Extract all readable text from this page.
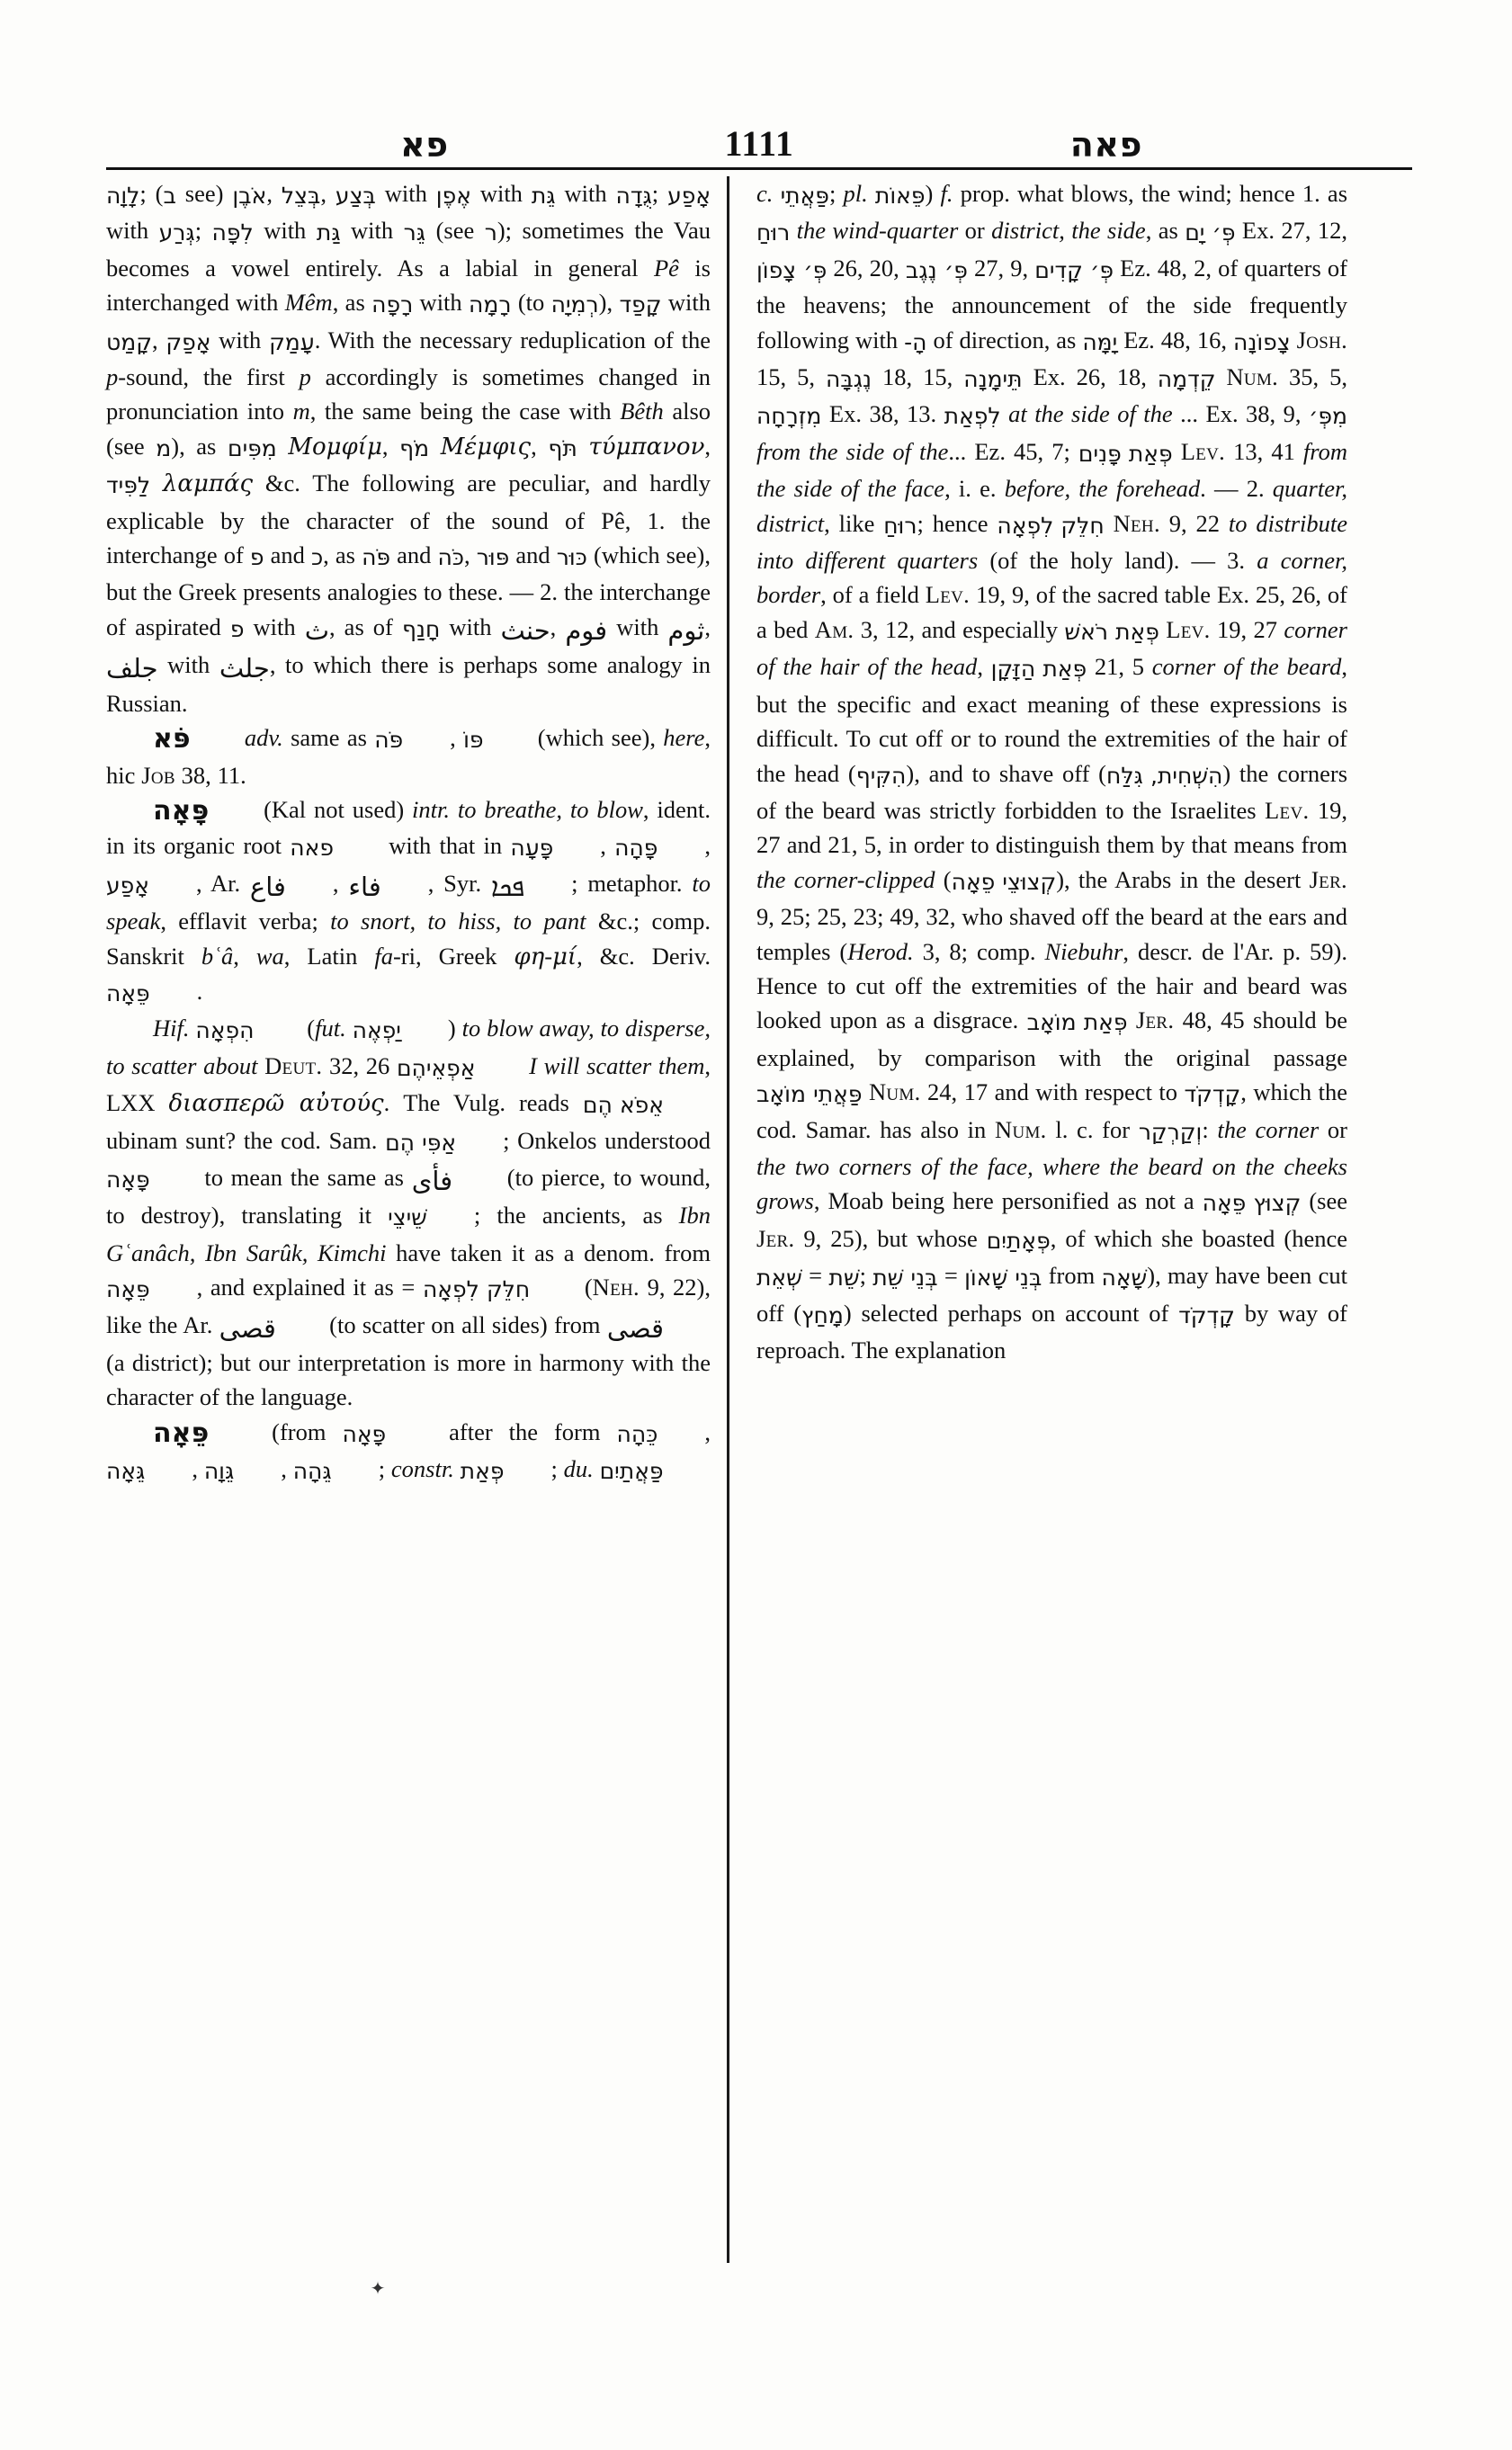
פא	1111	פאה

לָוָה; (ב see) אֹבֶן, בְּצֵל, בְּצַע with אֶפֶן with גֵּת with גֻּדָה; אָפַע with גְּרַע; לִפָּה with גַּת with גֵּר (see ר); sometimes the Vau becomes a vowel entirely. As a labial in general Pê is interchanged with Mêm, as רָפָה with רָמָה (to רְמִיָה), קָפַד with קָמַט, אָפַק with עָמַק. With the necessary reduplication of the p-sound, the first p accordingly is sometimes changed in pronunciation into m, the same being the case with Bêth also (see מ), as מִפִּים Μομφίμ, מֹף Μέμφις, תֹּף τύμπανον, לַפִּיד λαμπάς &c. The following are peculiar, and hardly explicable by the character of the sound of Pê, 1. the interchange of פ and כ, as פֹּה and כֹּה, פּוּר and כּוּר (which see), but the Greek presents analogies to these. — 2. the interchange of aspirated פ with ث, as of חָנַף with حنث, فوم with ثوم, جلف with جلث, to which there is perhaps some analogy in Russian.

פֹּא adv. same as פֹּה , פּוֹ (which see), here, hic Job 38, 11.

פָּאָה (Kal not used) intr. to breathe, to blow, ident. in its organic root פאה with that in פָּעָה , פָּהָה , אָפַע , Ar. فاع , فاء , Syr. ܦܟܐ ; metaphor. to speak, efflavit verba; to snort, to hiss, to pant &c.; comp. Sanskrit bʿâ, wa, Latin fa-ri, Greek φη-μί, &c. Deriv. פֵּאָה .

Hif. הִפְאָה (fut. יַפְאֶה ) to blow away, to disperse, to scatter about Deut. 32, 26 אַפְאֵיהֶם I will scatter them, LXX διασπερῶ αὐτούς. The Vulg. reads אֵפֹא הֶם ubinam sunt? the cod. Sam. אַפִּי הֶם ; Onkelos understood פָּאָה to mean the same as فأى (to pierce, to wound, to destroy), translating it שֵׁיצֵי ; the ancients, as Ibn Gʿanâch, Ibn Sarûk, Kimchi have taken it as a denom. from פֵּאָה , and explained it as = חִלֵּק לִפְאָה (Neh. 9, 22), like the Ar. قصى (to scatter on all sides) from قصى (a district); but our interpretation is more in harmony with the character of the language.

פֵּאָה (from פָּאָה after the form כֵּהָה , גֵּאָה , גֵּוָה , גֵּהָה ; constr. פְּאַת ; du. פַּאֲתַיִם

c. פַּאֲתֵי; pl. פֵּאוֹת) f. prop. what blows, the wind; hence 1. as רוּחַ the wind-quarter or district, the side, as פְּ׳ יָם Ex. 27, 12, פְּ׳ צָפוֹן 26, 20, פְּ׳ נֶגֶב 27, 9, פְּ׳ קָדִים Ez. 48, 2, of quarters of the heavens; the announcement of the side frequently following with הָ- of direction, as יָמָּה Ez. 48, 16, צָפוֹנָה Josh. 15, 5, נֶגְבָּה 18, 15, תֵּימָנָה Ex. 26, 18, קֵדְמָה Num. 35, 5, מִזְרָחָה Ex. 38, 13. לִפְאַת at the side of the ... Ex. 38, 9, מִפְּ׳ from the side of the... Ez. 45, 7; פְּאַת פָּנִים Lev. 13, 41 from the side of the face, i. e. before, the forehead. — 2. quarter, district, like רוּחַ; hence חִלֵּק לִפְאָה Neh. 9, 22 to distribute into different quarters (of the holy land). — 3. a corner, border, of a field Lev. 19, 9, of the sacred table Ex. 25, 26, of a bed Am. 3, 12, and especially פְּאַת רֹאשׁ Lev. 19, 27 corner of the hair of the head, פְּאַת הַזָּקָן 21, 5 corner of the beard, but the specific and exact meaning of these expressions is difficult. To cut off or to round the extremities of the hair of the head (הִקִּיף), and to shave off (הִשְׁחִית, גִּלַּח) the corners of the beard was strictly forbidden to the Israelites Lev. 19, 27 and 21, 5, in order to distinguish them by that means from the corner-clipped (קְצוּצֵי פֵאָה), the Arabs in the desert Jer. 9, 25; 25, 23; 49, 32, who shaved off the beard at the ears and temples (Herod. 3, 8; comp. Niebuhr, descr. de l'Ar. p. 59). Hence to cut off the extremities of the hair and beard was looked upon as a disgrace. פְּאַת מוֹאָב Jer. 48, 45 should be explained, by comparison with the original passage פַּאֲתֵי מוֹאָב Num. 24, 17 and with respect to קָדְקֹד, which the cod. Samar. has also in Num. l. c. for וְקַרְקַר: the corner or the two corners of the face, where the beard on the cheeks grows, Moab being here personified as not a קְצוּץ פֵּאָה (see Jer. 9, 25), but whose פְּאָתַיִם, of which she boasted (hence שְׁאֵת = שֵׁת; בְּנֵי שֵׁת = בְּנֵי שָׁאוֹן from שָׁאָה), may have been cut off (מָחַץ) selected perhaps on account of קָדְקֹד by way of reproach. The explanation

✦
